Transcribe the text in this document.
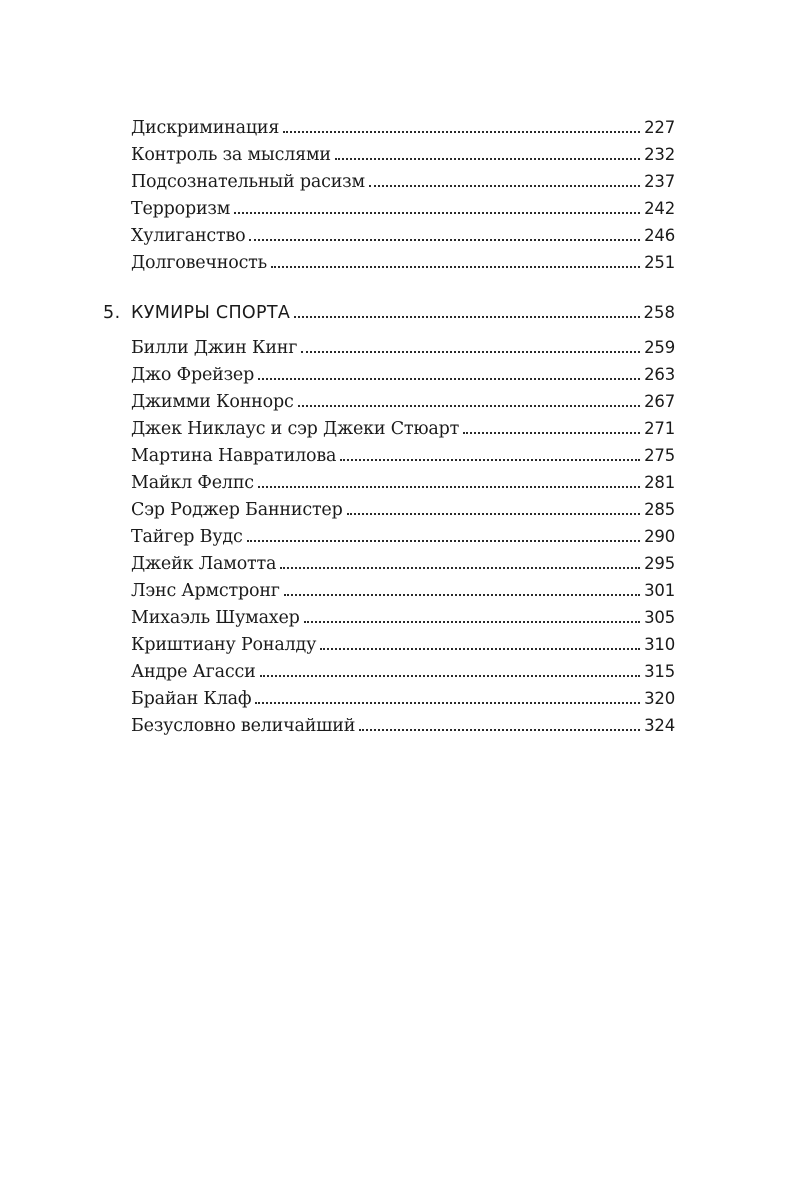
Дискриминация	227
Контроль за мыслями	232
Подсознательный расизм	237
Терроризм	242
Хулиганство	246
Долговечность	251
5. КУМИРЫ СПОРТА	258
Билли Джин Кинг	259
Джо Фрейзер	263
Джимми Коннорс	267
Джек Никлаус и сэр Джеки Стюарт	271
Мартина Навратилова	275
Майкл Фелпс	281
Сэр Роджер Баннистер	285
Тайгер Вудс	290
Джейк Ламотта	295
Лэнс Армстронг	301
Михаэль Шумахер	305
Криштиану Роналду	310
Андре Агасси	315
Брайан Клаф	320
Безусловно величайший	324
